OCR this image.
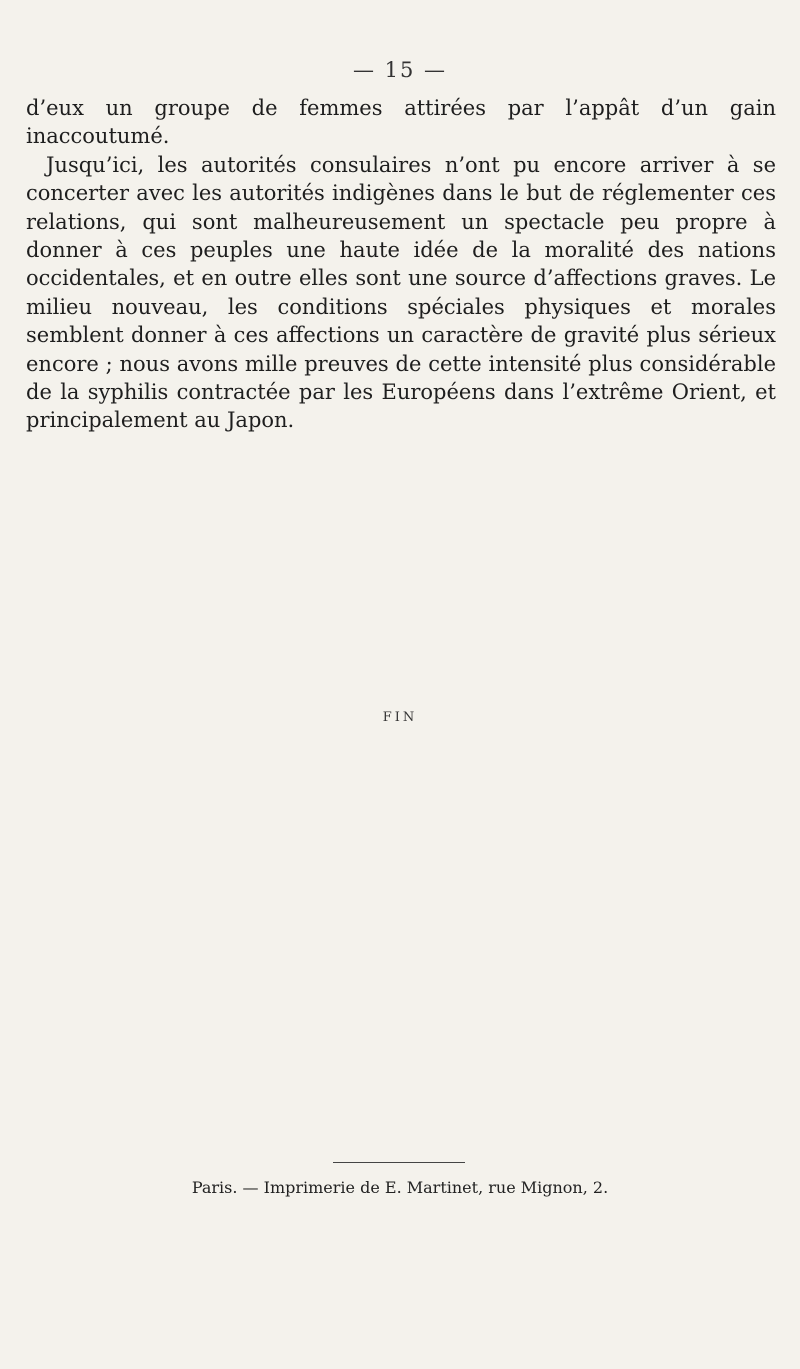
— 15 —

d’eux un groupe de femmes attirées par l’appât d’un gain inaccoutumé.

Jusqu’ici, les autorités consulaires n’ont pu encore arriver à se concerter avec les autorités indigènes dans le but de réglementer ces relations, qui sont malheureusement un spectacle peu propre à donner à ces peuples une haute idée de la moralité des nations occidentales, et en outre elles sont une source d’affections graves. Le milieu nouveau, les conditions spéciales physiques et morales semblent donner à ces affections un caractère de gravité plus sérieux encore ; nous avons mille preuves de cette intensité plus considérable de la syphilis contractée par les Européens dans l’extrême Orient, et principalement au Japon.

FIN
Paris. — Imprimerie de E. Martinet, rue Mignon, 2.
